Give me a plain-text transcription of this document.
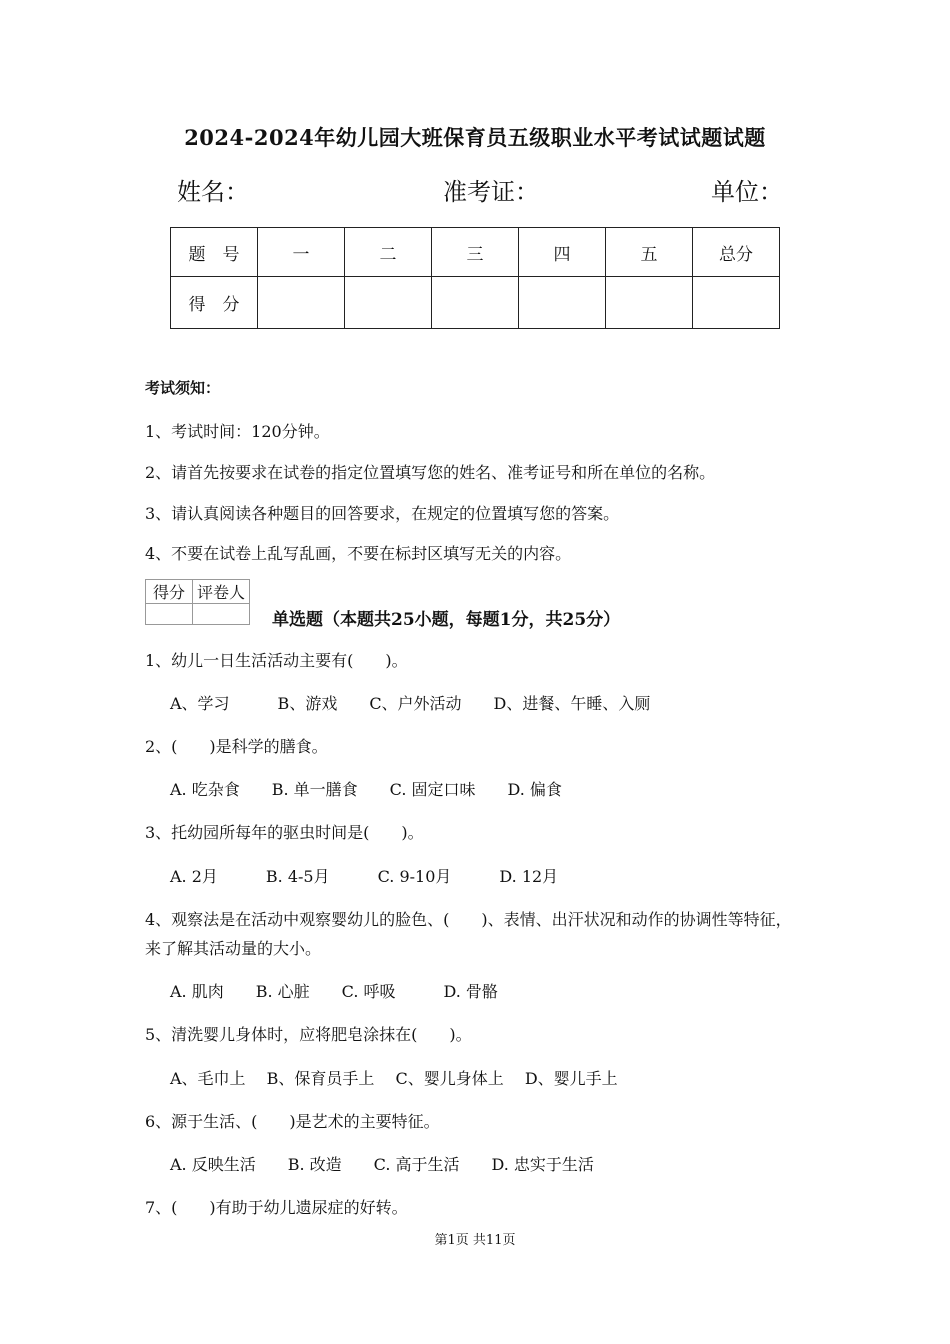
2024-2024年幼儿园大班保育员五级职业水平考试试题试题
姓名：	准考证：	单位：
题　号	一	二	三	四	五	总分
得　分						
考试须知：
1、考试时间：120分钟。
2、请首先按要求在试卷的指定位置填写您的姓名、准考证号和所在单位的名称。
3、请认真阅读各种题目的回答要求，在规定的位置填写您的答案。
4、不要在试卷上乱写乱画，不要在标封区填写无关的内容。
得分	评卷人

单选题（本题共25小题，每题1分，共25分）
1、幼儿一日生活活动主要有(　　)。
A、学习　　　B、游戏　　C、户外活动　　D、进餐、午睡、入厕
2、(　　)是科学的膳食。
A. 吃杂食　　B. 单一膳食　　C. 固定口味　　D. 偏食
3、托幼园所每年的驱虫时间是(　　)。
A. 2月　　　B. 4-5月　　　C. 9-10月　　　D. 12月
4、观察法是在活动中观察婴幼儿的脸色、(　　)、表情、出汗状况和动作的协调性等特征，
来了解其活动量的大小。
A. 肌肉　　B. 心脏　　C. 呼吸　　　D. 骨骼
5、清洗婴儿身体时，应将肥皂涂抹在(　　)。
A、毛巾上　 B、保育员手上　 C、婴儿身体上　 D、婴儿手上
6、源于生活、(　　)是艺术的主要特征。
A. 反映生活　　B. 改造　　C. 高于生活　　D. 忠实于生活
7、(　　)有助于幼儿遗尿症的好转。
第1页 共11页
